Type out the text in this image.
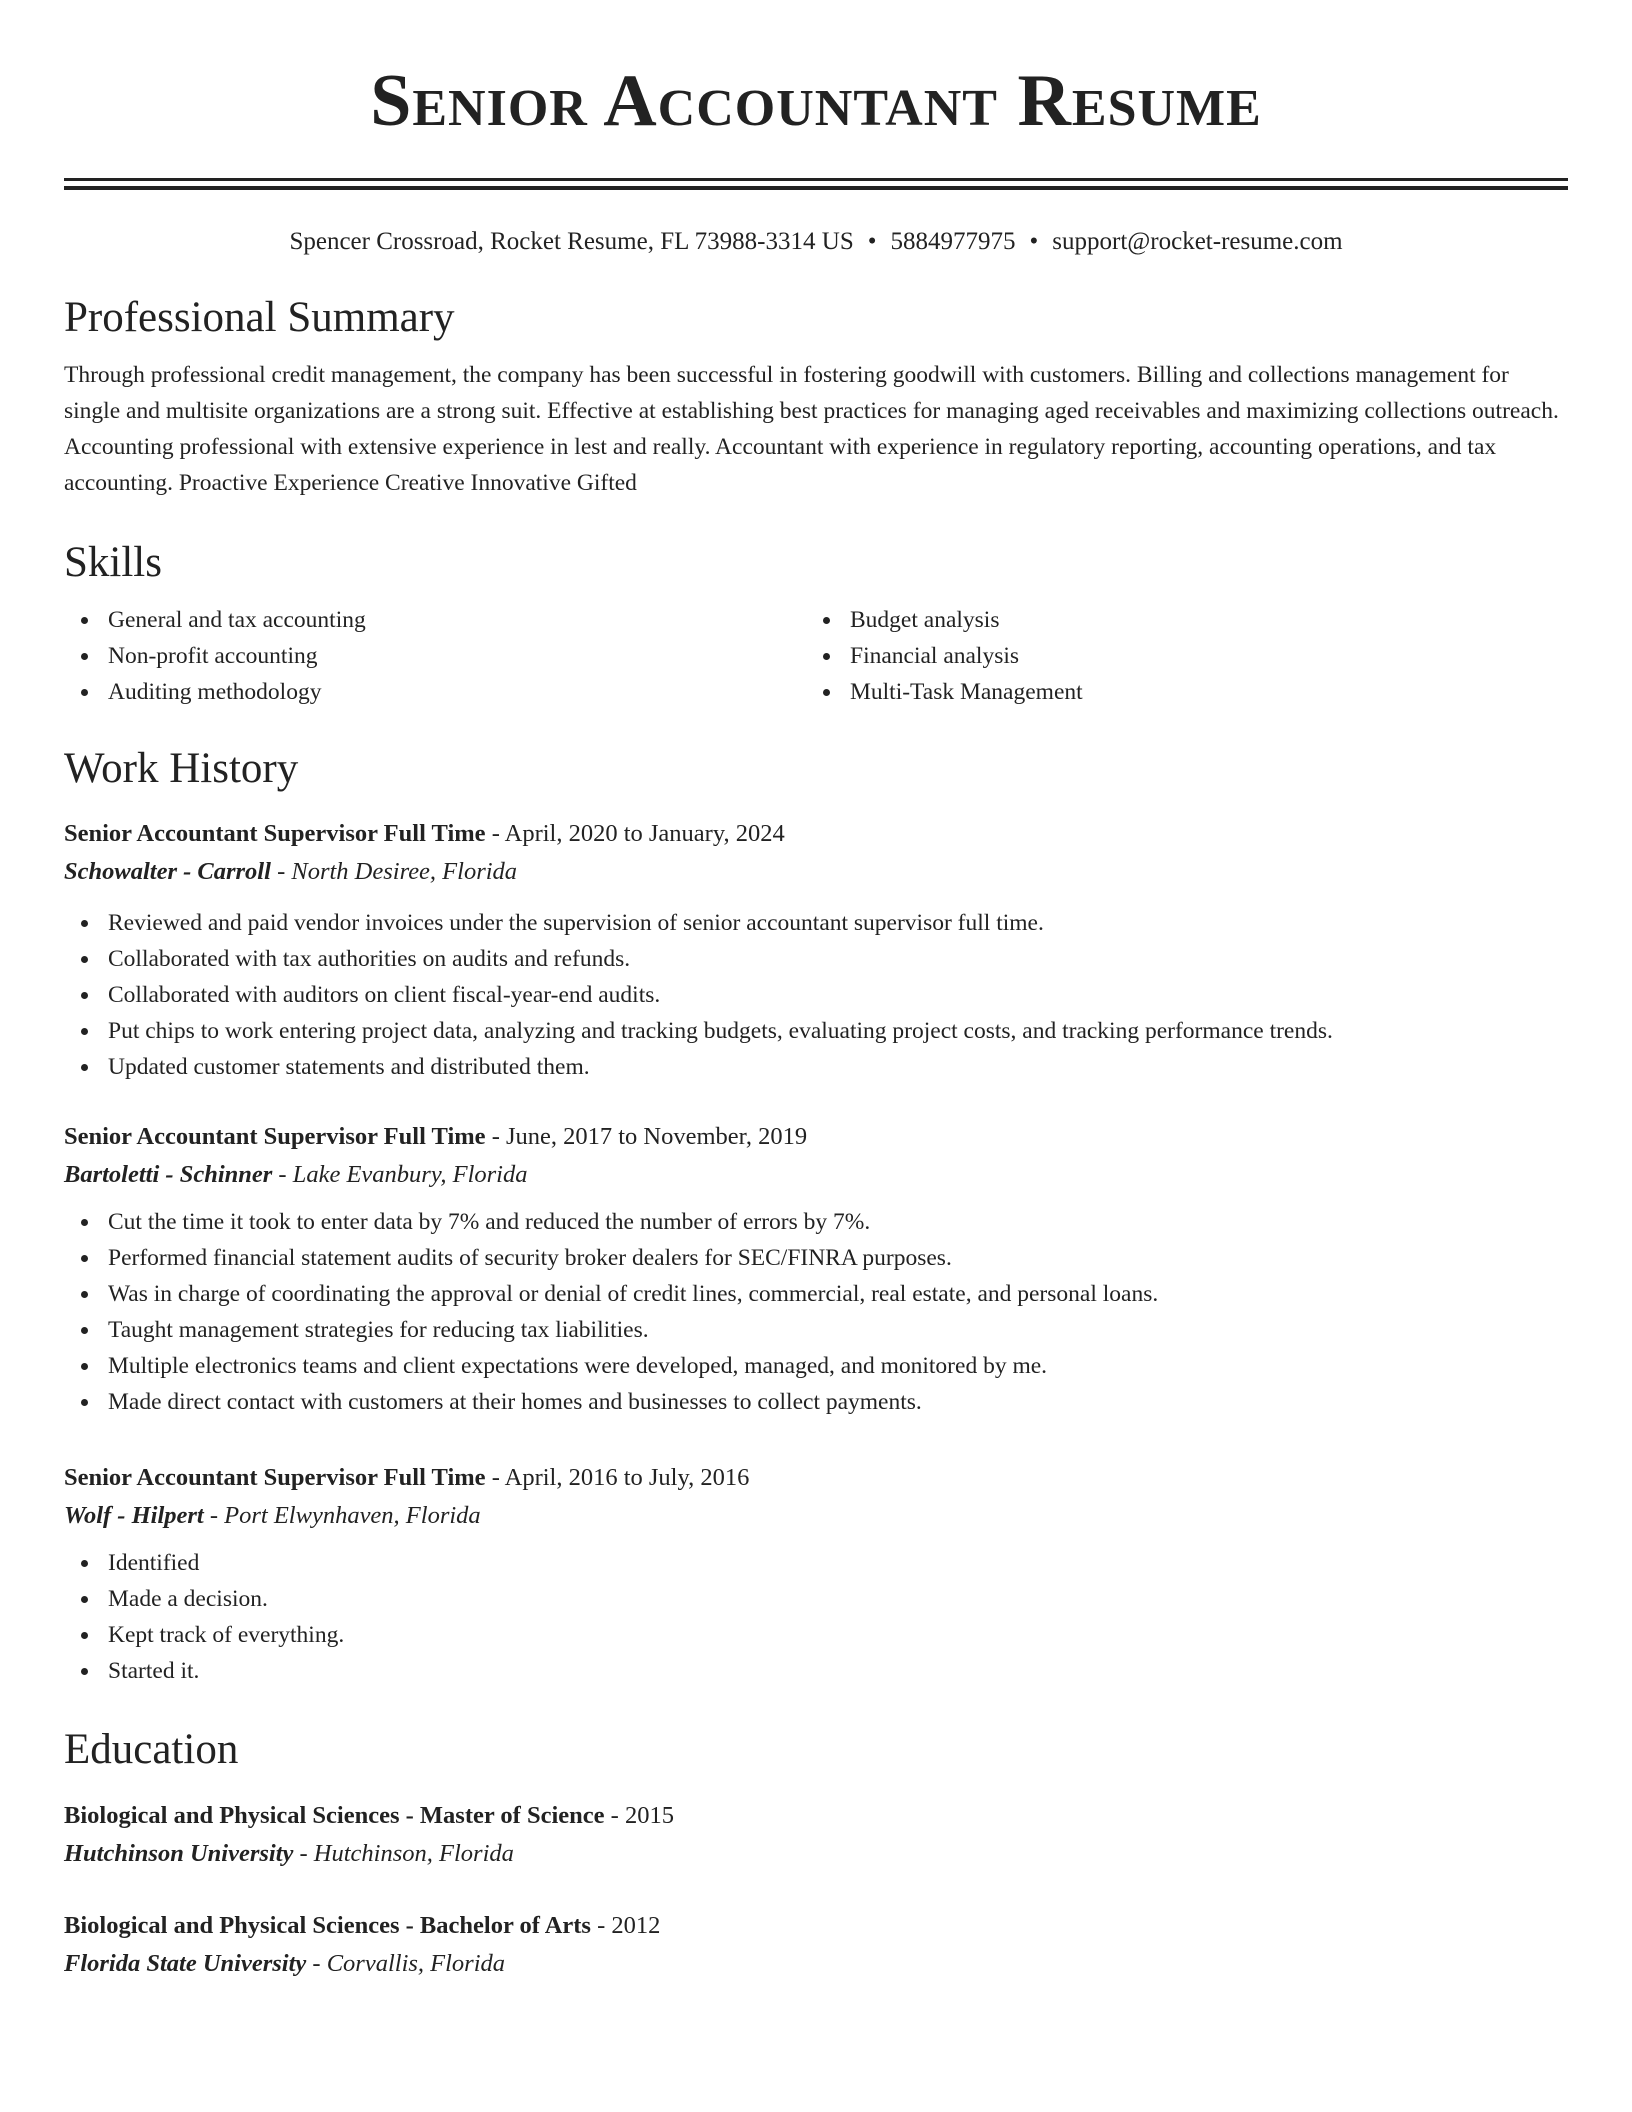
Senior Accountant Resume
Spencer Crossroad, Rocket Resume, FL 73988-3314 US • 5884977975 • support@rocket-resume.com
Professional Summary

Through professional credit management, the company has been successful in fostering goodwill with customers. Billing and collections management for single and multisite organizations are a strong suit. Effective at establishing best practices for managing aged receivables and maximizing collections outreach. Accounting professional with extensive experience in lest and really. Accountant with experience in regulatory reporting, accounting operations, and tax accounting. Proactive Experience Creative Innovative Gifted

Skills
General and tax accounting
Non-profit accounting
Auditing methodology
Budget analysis
Financial analysis
Multi-Task Management
Work History
Senior Accountant Supervisor Full Time - April, 2020 to January, 2024
Schowalter - Carroll - North Desiree, Florida
Reviewed and paid vendor invoices under the supervision of senior accountant supervisor full time.
Collaborated with tax authorities on audits and refunds.
Collaborated with auditors on client fiscal-year-end audits.
Put chips to work entering project data, analyzing and tracking budgets, evaluating project costs, and tracking performance trends.
Updated customer statements and distributed them.
Senior Accountant Supervisor Full Time - June, 2017 to November, 2019
Bartoletti - Schinner - Lake Evanbury, Florida
Cut the time it took to enter data by 7% and reduced the number of errors by 7%.
Performed financial statement audits of security broker dealers for SEC/FINRA purposes.
Was in charge of coordinating the approval or denial of credit lines, commercial, real estate, and personal loans.
Taught management strategies for reducing tax liabilities.
Multiple electronics teams and client expectations were developed, managed, and monitored by me.
Made direct contact with customers at their homes and businesses to collect payments.
Senior Accountant Supervisor Full Time - April, 2016 to July, 2016
Wolf - Hilpert - Port Elwynhaven, Florida
Identified
Made a decision.
Kept track of everything.
Started it.
Education
Biological and Physical Sciences - Master of Science - 2015
Hutchinson University - Hutchinson, Florida
Biological and Physical Sciences - Bachelor of Arts - 2012
Florida State University - Corvallis, Florida
